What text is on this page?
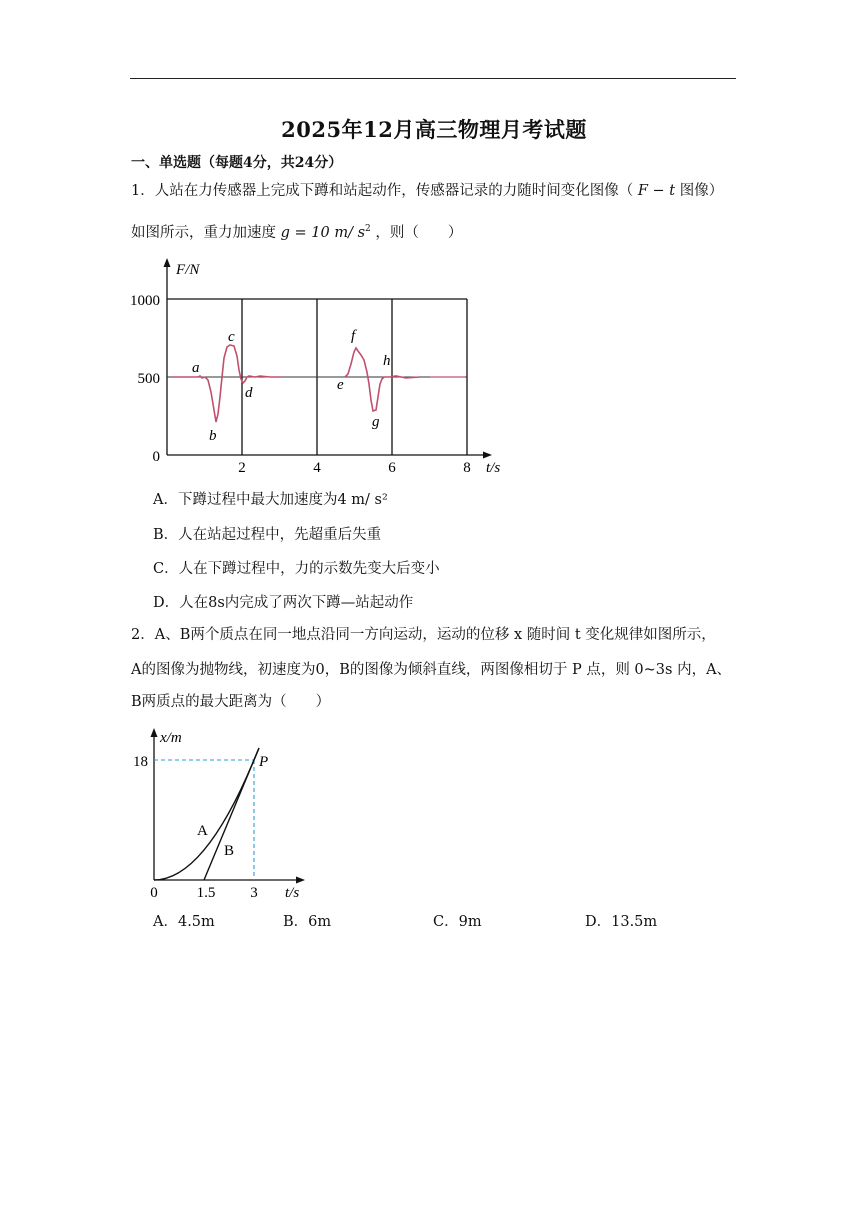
2025年12月高三物理月考试题
一、单选题（每题4分，共24分）
1．人站在力传感器上完成下蹲和站起动作，传感器记录的力随时间变化图像（ F − t 图像）
如图所示，重力加速度 g = 10 m/ $s^2$ ，则（　　）
1000
500
0
2	4	6	8
F/N
t/s
a
b
c
d	e
f
g
h
A．下蹲过程中最大加速度为4 m/ s²
B．人在站起过程中，先超重后失重
C．人在下蹲过程中，力的示数先变大后变小
D．人在8s内完成了两次下蹲—站起动作
2．A、B两个质点在同一地点沿同一方向运动，运动的位移 x 随时间 t 变化规律如图所示，
A的图像为抛物线，初速度为0，B的图像为倾斜直线，两图像相切于 P 点，则 0~3s 内，A、
B两质点的最大距离为（　　）
x/m
t/s
18
0	1.5 3
A
B
P
A．4.5m	B．6m	C．9m	D．13.5m
